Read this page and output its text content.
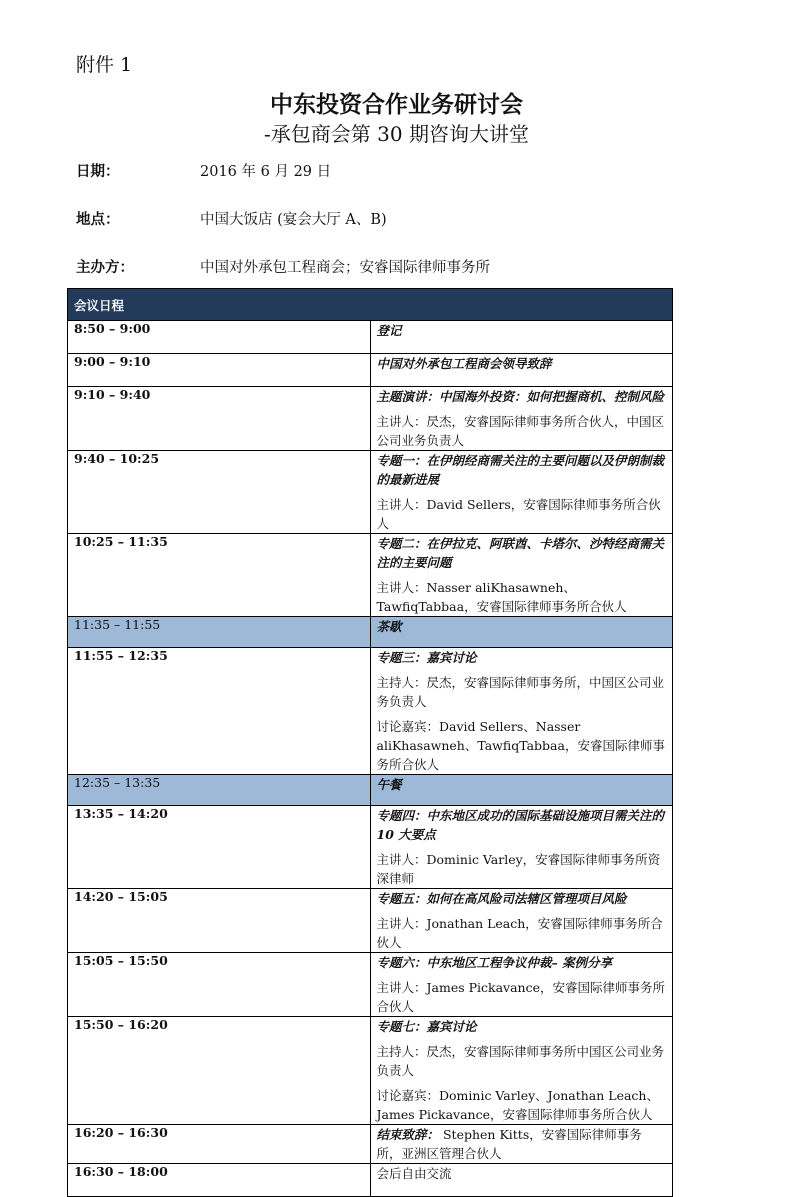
附件 1
中东投资合作业务研讨会
-承包商会第 30 期咨询大讲堂
日期：	2016 年 6 月 29 日
地点：	中国大饭店 (宴会大厅 A、B)
主办方：	中国对外承包工程商会；安睿国际律师事务所
会议日程	
8:50 – 9:00	登记

9:00 – 9:10	中国对外承包工程商会领导致辞

9:10 – 9:40	主题演讲：中国海外投资：如何把握商机、控制风险
主讲人：昃杰，安睿国际律师事务所合伙人，中国区公司业务负责人

9:40 – 10:25	专题一：在伊朗经商需关注的主要问题以及伊朗制裁的最新进展
主讲人：David Sellers，安睿国际律师事务所合伙人

10:25 – 11:35	专题二：在伊拉克、阿联酋、卡塔尔、沙特经商需关注的主要问题
主讲人：Nasser aliKhasawneh、TawfiqTabbaa，安睿国际律师事务所合伙人

11:35 – 11:55	茶歇

11:55 – 12:35	专题三：嘉宾讨论
主持人：昃杰，安睿国际律师事务所，中国区公司业务负责人
讨论嘉宾：David Sellers、Nasser aliKhasawneh、TawfiqTabbaa，安睿国际律师事务所合伙人

12:35 – 13:35	午餐

13:35 – 14:20	专题四：中东地区成功的国际基础设施项目需关注的 10 大要点
主讲人：Dominic Varley，安睿国际律师事务所资深律师

14:20 – 15:05	专题五：如何在高风险司法辖区管理项目风险
主讲人：Jonathan Leach，安睿国际律师事务所合伙人

15:05 – 15:50	专题六：中东地区工程争议仲裁– 案例分享
主讲人：James Pickavance，安睿国际律师事务所合伙人

15:50 – 16:20	专题七：嘉宾讨论
主持人：昃杰，安睿国际律师事务所中国区公司业务负责人
讨论嘉宾：Dominic Varley、Jonathan Leach、James Pickavance，安睿国际律师事务所合伙人

16:20 – 16:30	结束致辞： Stephen Kitts，安睿国际律师事务所，亚洲区管理合伙人

16:30 – 18:00	会后自由交流
